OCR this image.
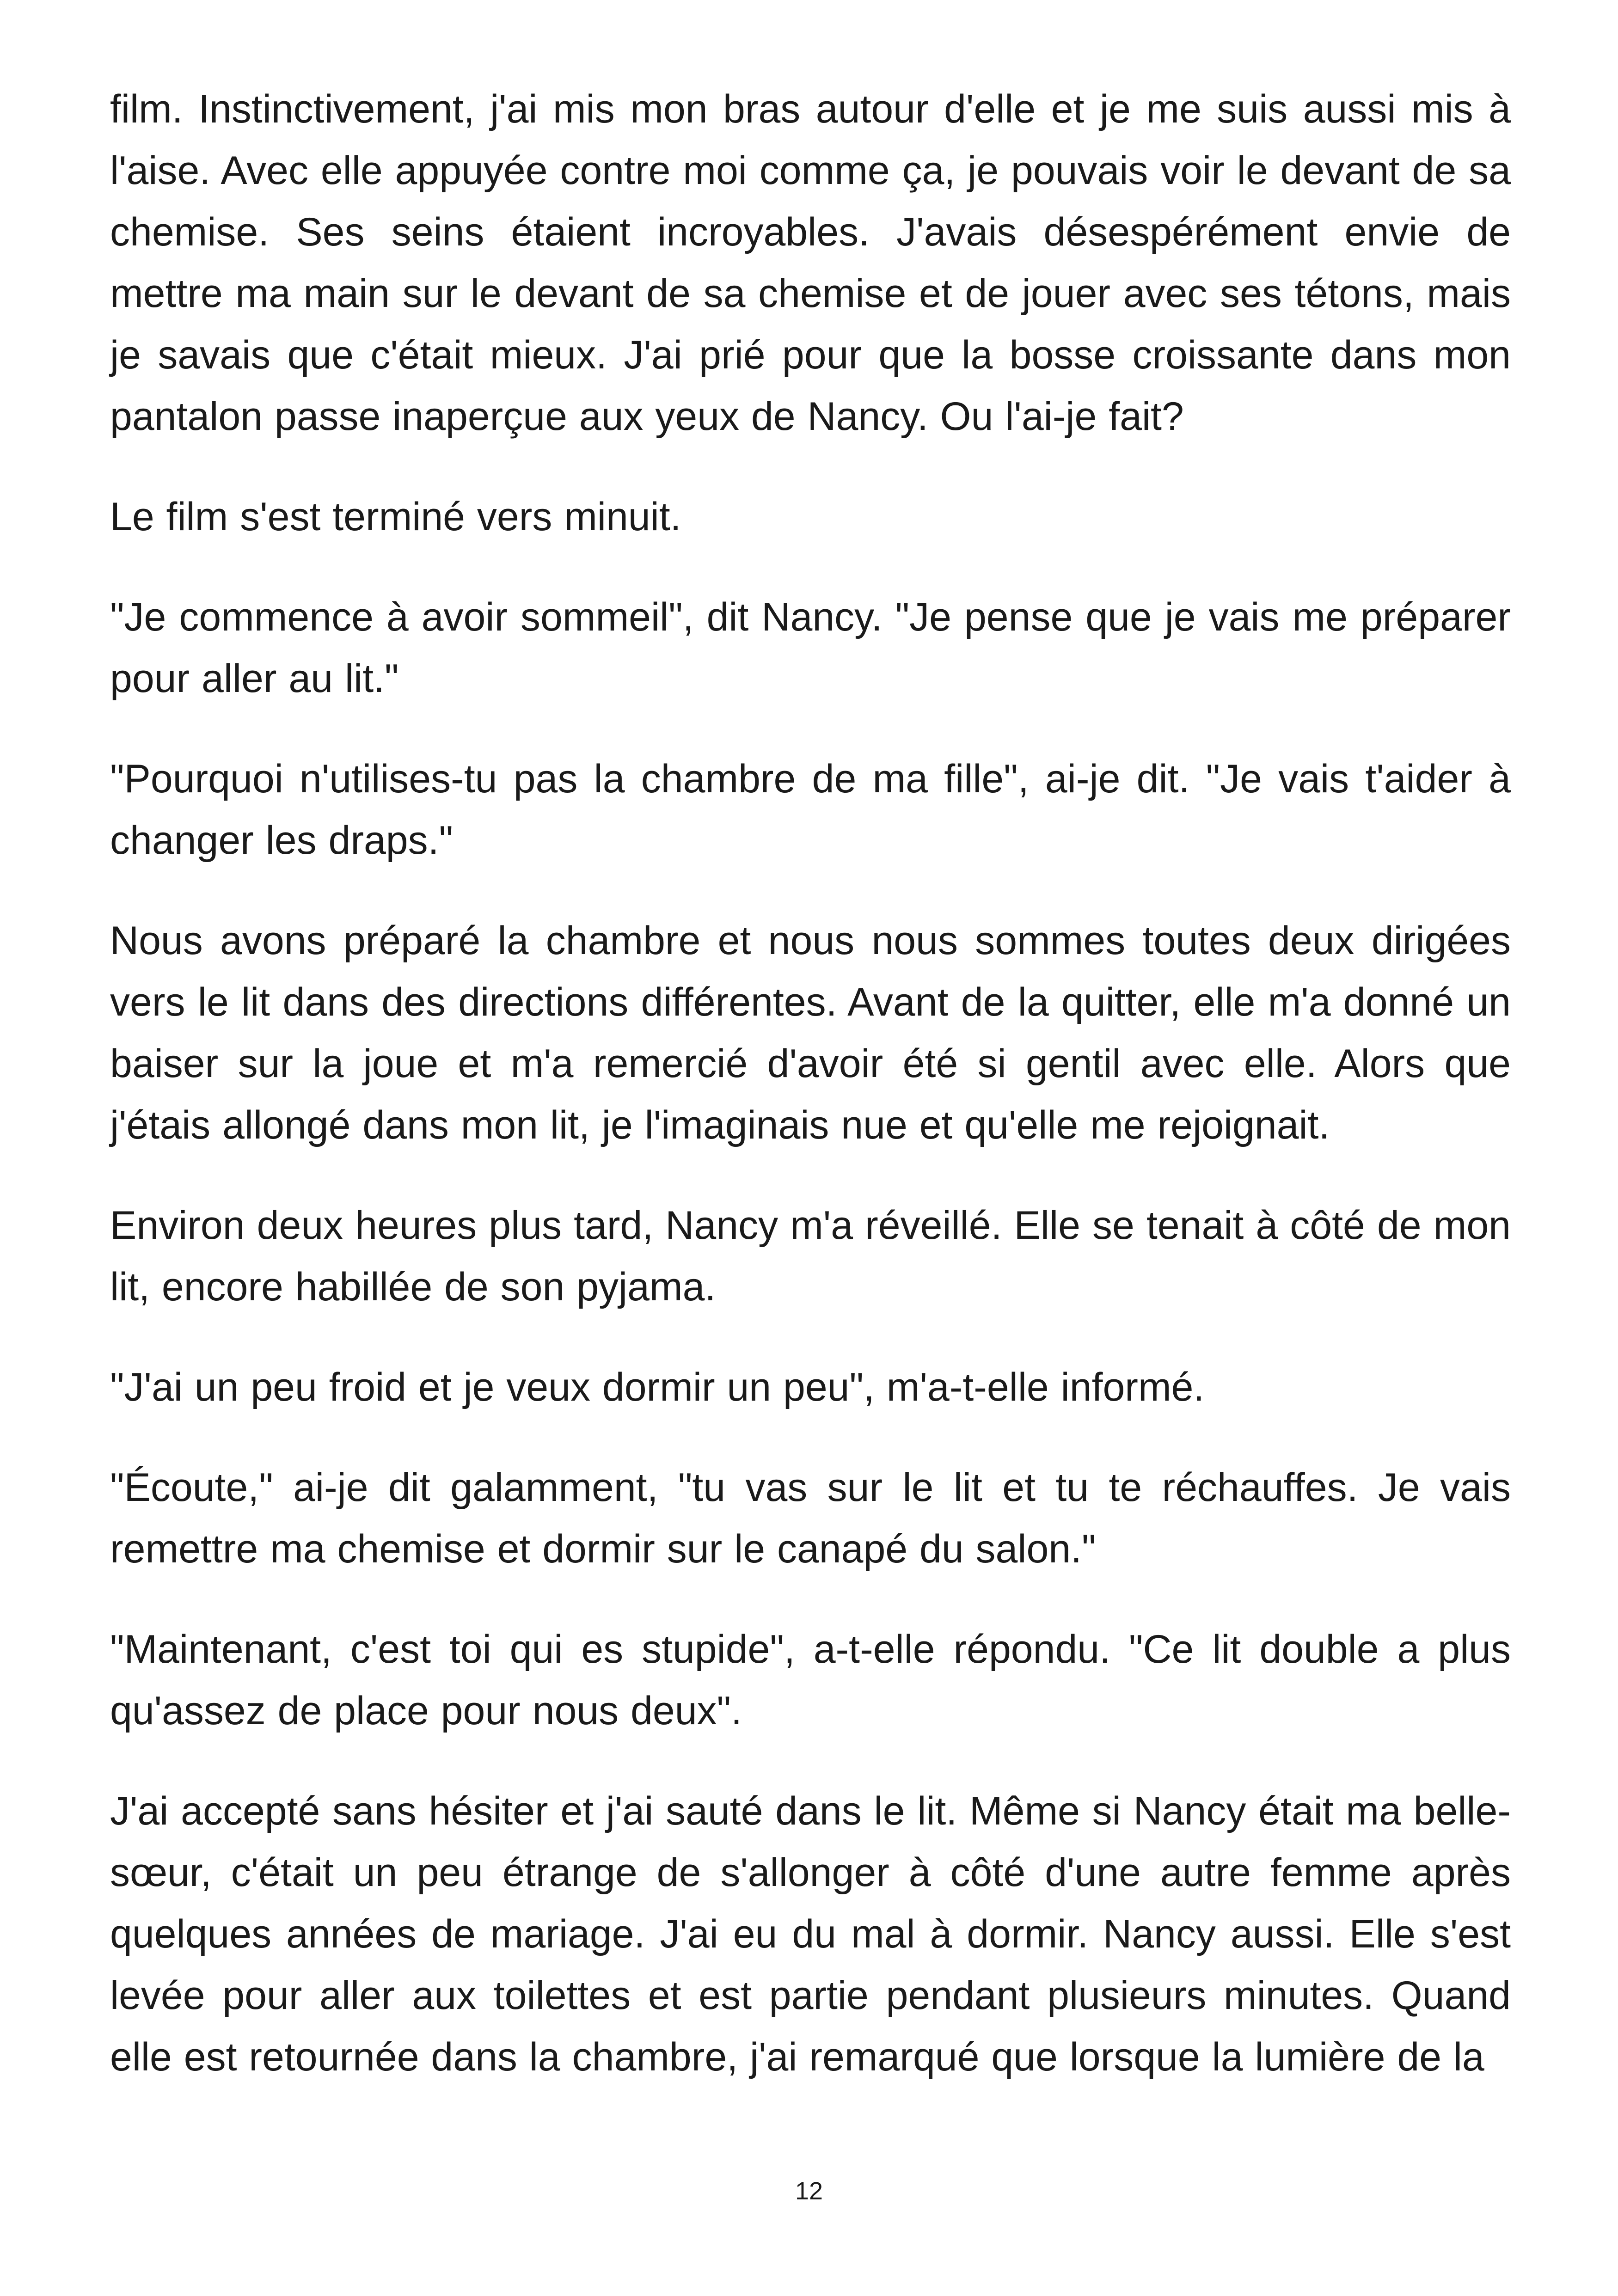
film. Instinctivement, j'ai mis mon bras autour d'elle et je me suis aussi mis à l'aise. Avec elle appuyée contre moi comme ça, je pouvais voir le devant de sa chemise. Ses seins étaient incroyables. J'avais désespérément envie de mettre ma main sur le devant de sa chemise et de jouer avec ses tétons, mais je savais que c'était mieux. J'ai prié pour que la bosse croissante dans mon pantalon passe inaperçue aux yeux de Nancy. Ou l'ai-je fait?

Le film s'est terminé vers minuit.

"Je commence à avoir sommeil", dit Nancy. "Je pense que je vais me préparer pour aller au lit."

"Pourquoi n'utilises-tu pas la chambre de ma fille", ai-je dit. "Je vais t'aider à changer les draps."

Nous avons préparé la chambre et nous nous sommes toutes deux dirigées vers le lit dans des directions différentes. Avant de la quitter, elle m'a donné un baiser sur la joue et m'a remercié d'avoir été si gentil avec elle. Alors que j'étais allongé dans mon lit, je l'imaginais nue et qu'elle me rejoignait.

Environ deux heures plus tard, Nancy m'a réveillé. Elle se tenait à côté de mon lit, encore habillée de son pyjama.

"J'ai un peu froid et je veux dormir un peu", m'a-t-elle informé.

"Écoute," ai-je dit galamment, "tu vas sur le lit et tu te réchauffes. Je vais remettre ma chemise et dormir sur le canapé du salon."

"Maintenant, c'est toi qui es stupide", a-t-elle répondu. "Ce lit double a plus qu'assez de place pour nous deux".

J'ai accepté sans hésiter et j'ai sauté dans le lit. Même si Nancy était ma belle-sœur, c'était un peu étrange de s'allonger à côté d'une autre femme après quelques années de mariage. J'ai eu du mal à dormir. Nancy aussi. Elle s'est levée pour aller aux toilettes et est partie pendant plusieurs minutes. Quand elle est retournée dans la chambre, j'ai remarqué que lorsque la lumière de la

12
